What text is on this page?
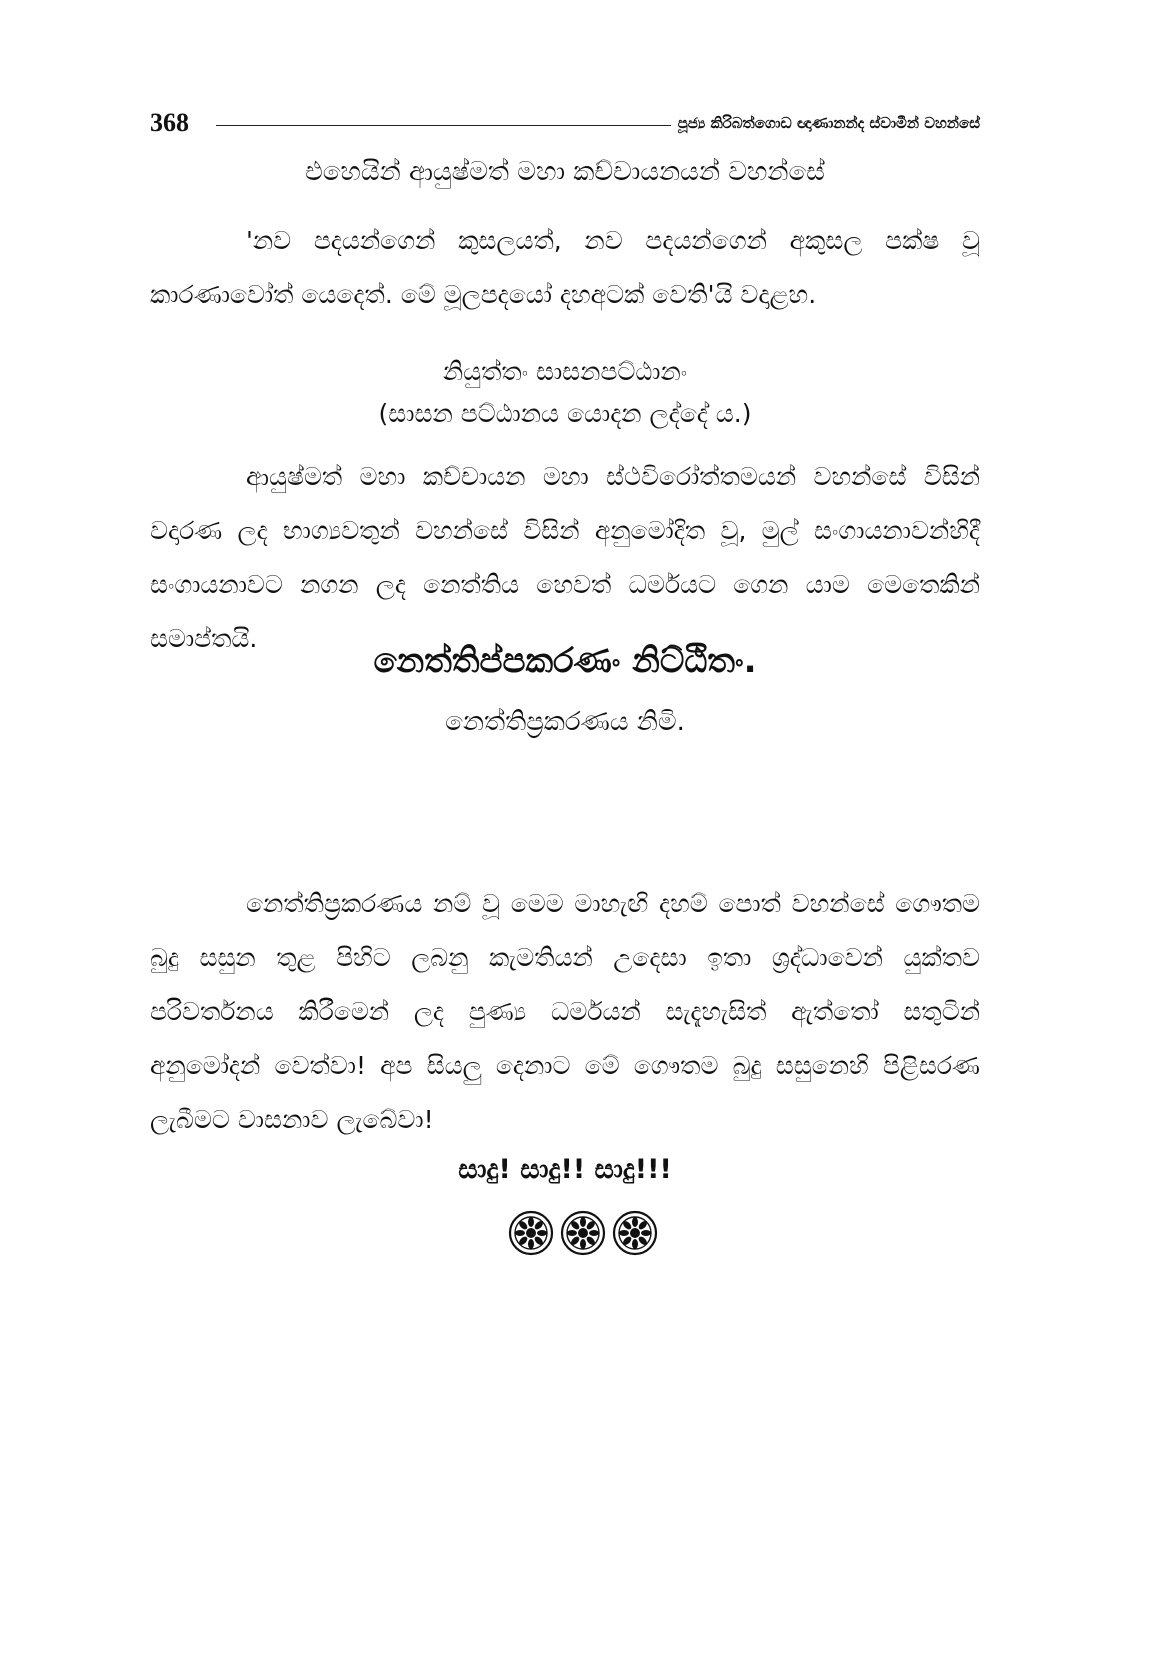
368	පූජ්‍ය කිරිබත්ගොඩ ඥාණානන්ද ස්වාමීන් වහන්සේ
එහෙයින් ආයුෂ්මත් මහා කච්චායනයන් වහන්සේ
'නව පදයන්ගෙන් කුසලයත්, නව පදයන්ගෙන් අකුසල පක්ෂ වූ කාරණාවෝත් යෙදෙත්. මේ මූලපදයෝ දහඅටක් වෙති'යි වදාළහ.
නියුත්තං සාසනපට්ඨානං
(සාසන පට්ඨානය යොදන ලද්දේ ය.)
ආයුෂ්මත් මහා කච්චායන මහා ස්ථවිරෝත්තමයන් වහන්සේ විසින් වදාරණ ලද භාග්‍යවතුන් වහන්සේ විසින් අනුමෝදිත වූ, මුල් සංගායනාවන්හිදී සංගායනාවට නගන ලද නෙත්තිය හෙවත් ධර්මයට ගෙන යාම මෙතෙකින් සමාප්තයි.
නෙත්තිප්පකරණං නිට්ඨිතං.
නෙත්තිප්‍රකරණය නිමි.
නෙත්තිප්‍රකරණය නම් වූ මෙම මාහැඟි දහම් පොත් වහන්සේ ගෞතම බුදු සසුන තුළ පිහිට ලබනු කැමතියන් උදෙසා ඉතා ශ්‍රද්ධාවෙන් යුක්තව පරිවර්තනය කිරීමෙන් ලද පුණ්‍ය ධර්මයන් සැදැහැසිත් ඇත්තෝ සතුටින් අනුමෝදන් වෙත්වා! අප සියලු දෙනාට මේ ගෞතම බුදු සසුනෙහි පිළිසරණ ලැබීමට වාසනාව ලැබේවා!
සාදු! සාදු!! සාදු!!!
